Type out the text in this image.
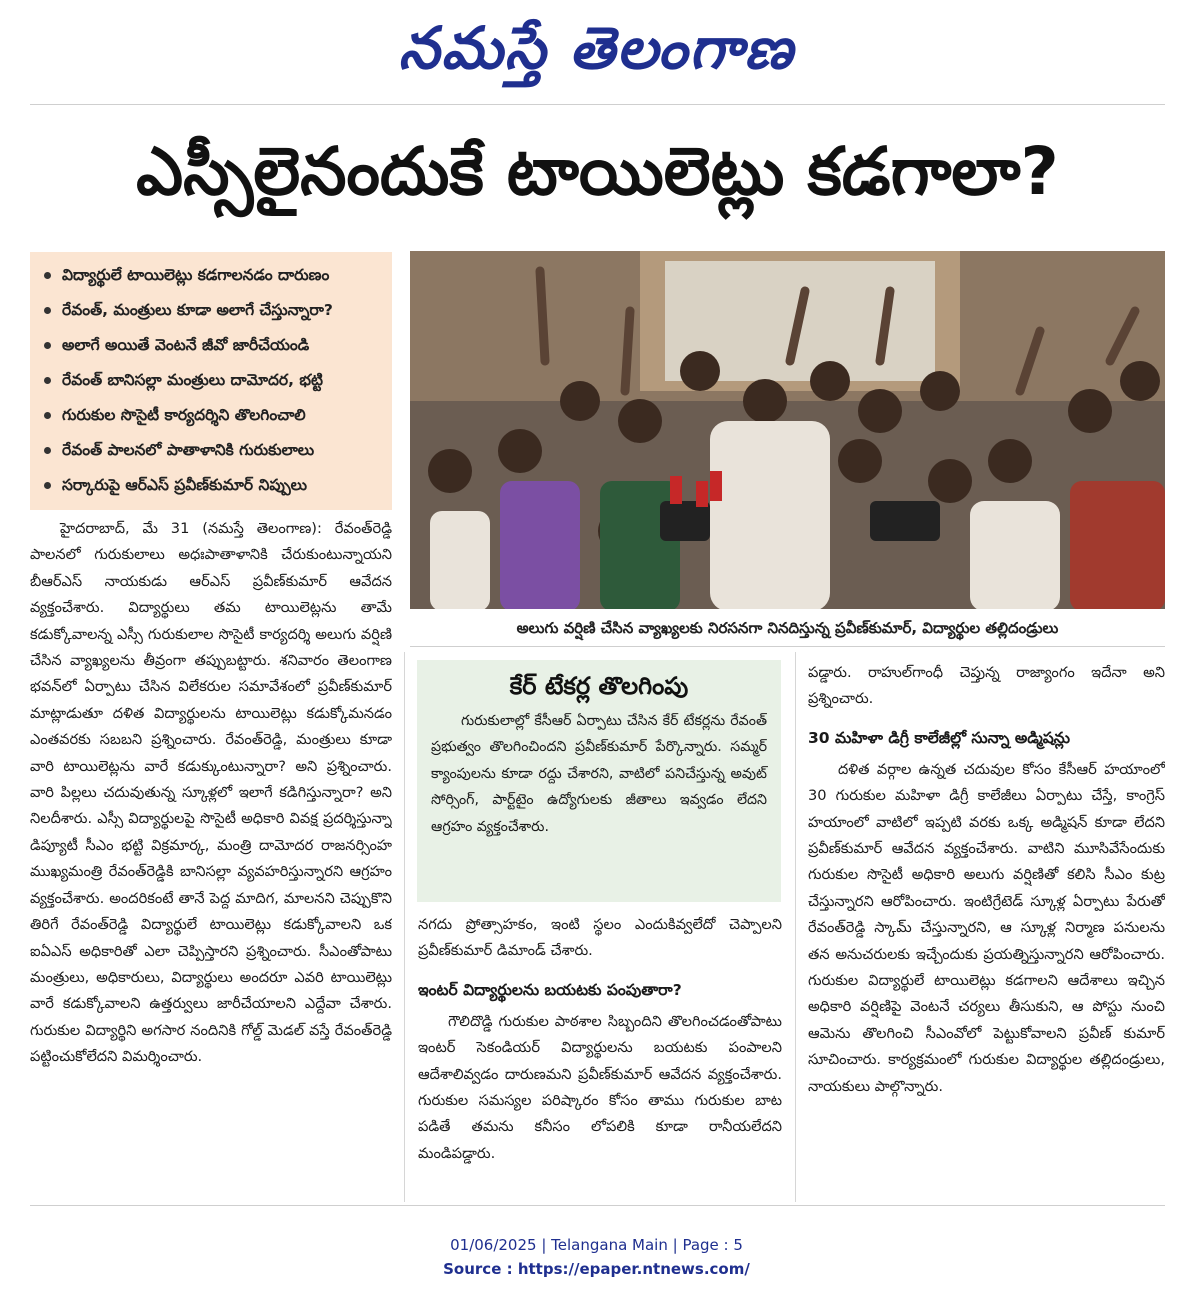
నమస్తే తెలంగాణ
ఎస్సీలైనందుకే టాయిలెట్లు కడగాలా?
విద్యార్థులే టాయిలెట్లు కడగాలనడం దారుణం
రేవంత్, మంత్రులు కూడా అలాగే చేస్తున్నారా?
అలాగే అయితే వెంటనే జీవో జారీచేయండి
రేవంత్ బానిసల్లా మంత్రులు దామోదర, భట్టి
గురుకుల సొసైటీ కార్యదర్శిని తొలగించాలి
రేవంత్ పాలనలో పాతాళానికి గురుకులాలు
సర్కారుపై ఆర్ఎస్ ప్రవీణ్‌కుమార్ నిప్పులు
అలుగు వర్షిణి చేసిన వ్యాఖ్యలకు నిరసనగా నినదిస్తున్న ప్రవీణ్‌కుమార్, విద్యార్థుల తల్లిదండ్రులు

హైదరాబాద్, మే 31 (నమస్తే తెలంగాణ): రేవంత్‌రెడ్డి పాలనలో గురుకులాలు అధఃపాతాళానికి చేరుకుంటున్నాయని బీఆర్ఎస్ నాయకుడు ఆర్ఎస్ ప్రవీణ్‌కుమార్ ఆవేదన వ్యక్తంచేశారు. విద్యార్థులు తమ టాయిలెట్లను తామే కడుక్కోవాలన్న ఎస్సీ గురుకులాల సొసైటీ కార్యదర్శి అలుగు వర్షిణి చేసిన వ్యాఖ్యలను తీవ్రంగా తప్పుబట్టారు. శనివారం తెలంగాణ భవన్‌లో ఏర్పాటు చేసిన విలేకరుల సమావేశంలో ప్రవీణ్‌కుమార్ మాట్లాడుతూ దళిత విద్యార్థులను టాయిలెట్లు కడుక్కోమనడం ఎంతవరకు సబబని ప్రశ్నించారు. రేవంత్‌రెడ్డి, మంత్రులు కూడా వారి టాయిలెట్లను వారే కడుక్కుంటున్నారా? అని ప్రశ్నించారు. వారి పిల్లలు చదువుతున్న స్కూళ్లలో ఇలాగే కడిగిస్తున్నారా? అని నిలదీశారు. ఎస్సీ విద్యార్థులపై సొసైటీ అధికారి వివక్ష ప్రదర్శిస్తున్నా డిప్యూటీ సీఎం భట్టి విక్రమార్క, మంత్రి దామోదర రాజనర్సింహ ముఖ్యమంత్రి రేవంత్‌రెడ్డికి బానిసల్లా వ్యవహరిస్తున్నారని ఆగ్రహం వ్యక్తంచేశారు. అందరికంటే తానే పెద్ద మాదిగ, మాలనని చెప్పుకొని తిరిగే రేవంత్‌రెడ్డి విద్యార్థులే టాయిలెట్లు కడుక్కోవాలని ఒక ఐఏఎస్ అధికారితో ఎలా చెప్పిస్తారని ప్రశ్నించారు. సీఎంతోపాటు మంత్రులు, అధికారులు, విద్యార్థులు అందరూ ఎవరి టాయిలెట్లు వారే కడుక్కోవాలని ఉత్తర్వులు జారీచేయాలని ఎద్దేవా చేశారు. గురుకుల విద్యార్థిని అగసార నందినికి గోల్డ్ మెడల్ వస్తే రేవంత్‌రెడ్డి పట్టించుకోలేదని విమర్శించారు.

కేర్ టేకర్ల తొలగింపు

గురుకులాల్లో కేసీఆర్ ఏర్పాటు చేసిన కేర్ టేకర్లను రేవంత్ ప్రభుత్వం తొలగించిందని ప్రవీణ్‌కుమార్ పేర్కొన్నారు. సమ్మర్ క్యాంపులను కూడా రద్దు చేశారని, వాటిలో పనిచేస్తున్న అవుట్ సోర్సింగ్, పార్ట్‌టైం ఉద్యోగులకు జీతాలు ఇవ్వడం లేదని ఆగ్రహం వ్యక్తంచేశారు.

నగదు ప్రోత్సాహకం, ఇంటి స్థలం ఎందుకివ్వలేదో చెప్పాలని ప్రవీణ్‌కుమార్ డిమాండ్ చేశారు.

ఇంటర్ విద్యార్థులను బయటకు పంపుతారా?

గౌలిదొడ్డి గురుకుల పాఠశాల సిబ్బందిని తొలగించడంతోపాటు ఇంటర్ సెకండియర్ విద్యార్థులను బయటకు పంపాలని ఆదేశాలివ్వడం దారుణమని ప్రవీణ్‌కుమార్ ఆవేదన వ్యక్తంచేశారు. గురుకుల సమస్యల పరిష్కారం కోసం తాము గురుకుల బాట పడితే తమను కనీసం లోపలికి కూడా రానీయలేదని మండిపడ్డారు.

పడ్డారు. రాహుల్‌గాంధీ చెప్తున్న రాజ్యాంగం ఇదేనా అని ప్రశ్నించారు.

30 మహిళా డిగ్రీ కాలేజీల్లో సున్నా అడ్మిషన్లు

దళిత వర్గాల ఉన్నత చదువుల కోసం కేసీఆర్ హయాంలో 30 గురుకుల మహిళా డిగ్రీ కాలేజీలు ఏర్పాటు చేస్తే, కాంగ్రెస్ హయాంలో వాటిలో ఇప్పటి వరకు ఒక్క అడ్మిషన్ కూడా లేదని ప్రవీణ్‌కుమార్ ఆవేదన వ్యక్తంచేశారు. వాటిని మూసివేసేందుకు గురుకుల సొసైటీ అధికారి అలుగు వర్షిణితో కలిసి సీఎం కుట్ర చేస్తున్నారని ఆరోపించారు. ఇంటిగ్రేటెడ్ స్కూళ్ల ఏర్పాటు పేరుతో రేవంత్‌రెడ్డి స్కామ్ చేస్తున్నారని, ఆ స్కూళ్ల నిర్మాణ పనులను తన అనుచరులకు ఇచ్చేందుకు ప్రయత్నిస్తున్నారని ఆరోపించారు. గురుకుల విద్యార్థులే టాయిలెట్లు కడగాలని ఆదేశాలు ఇచ్చిన అధికారి వర్షిణిపై వెంటనే చర్యలు తీసుకుని, ఆ పోస్టు నుంచి ఆమెను తొలగించి సీఎంవోలో పెట్టుకోవాలని ప్రవీణ్ కుమార్ సూచించారు. కార్యక్రమంలో గురుకుల విద్యార్థుల తల్లిదండ్రులు, నాయకులు పాల్గొన్నారు.

01/06/2025 | Telangana Main | Page : 5
Source : https://epaper.ntnews.com/
